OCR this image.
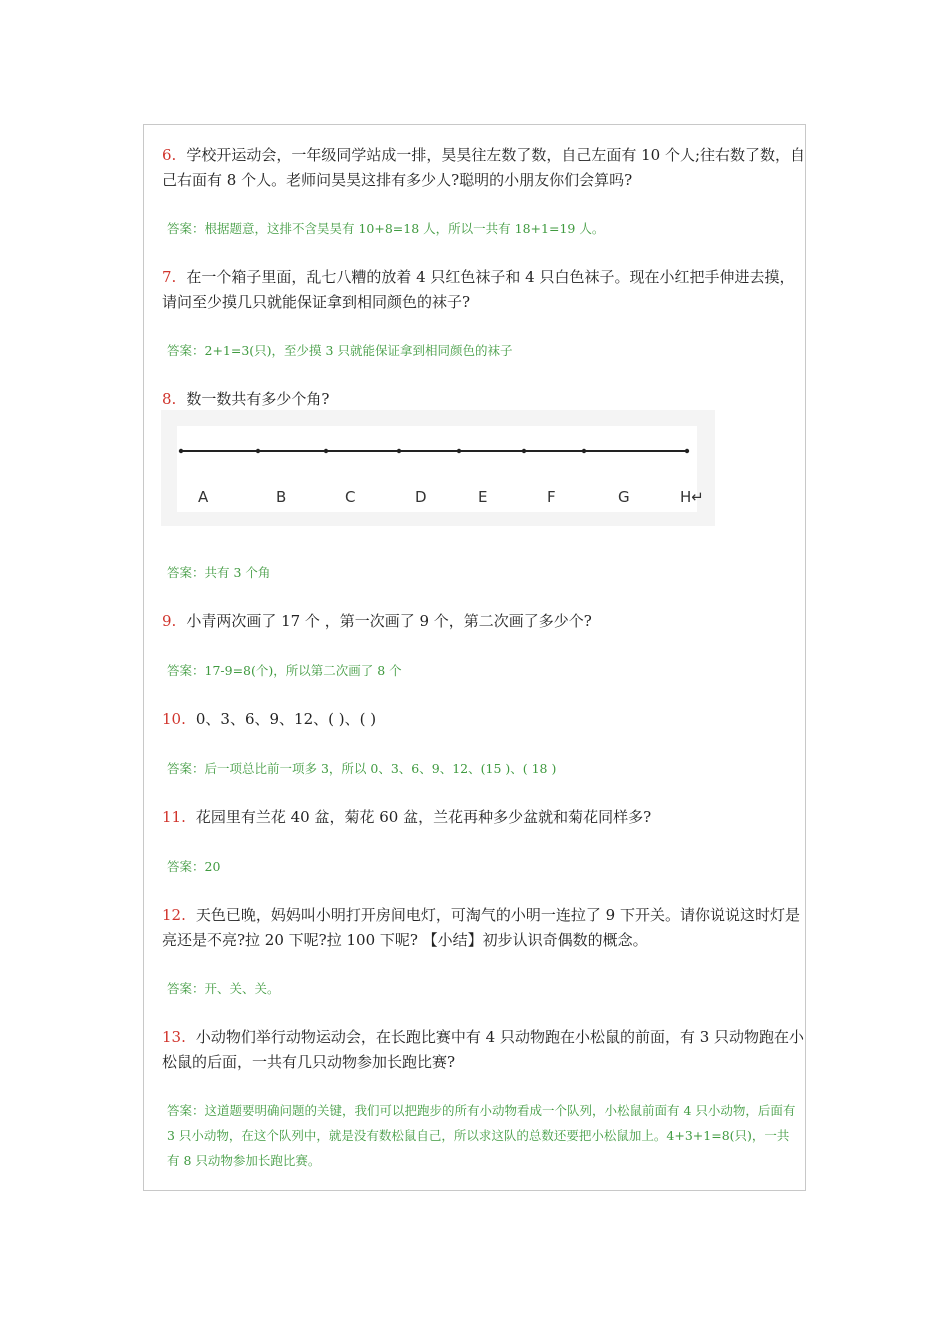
6. 学校开运动会，一年级同学站成一排，昊昊往左数了数，自己左面有 10 个人;往右数了数，自己右面有 8 个人。老师问昊昊这排有多少人?聪明的小朋友你们会算吗?

答案：根据题意，这排不含昊昊有 10+8=18 人，所以一共有 18+1=19 人。

7. 在一个箱子里面，乱七八糟的放着 4 只红色袜子和 4 只白色袜子。现在小红把手伸进去摸，请问至少摸几只就能保证拿到相同颜色的袜子?

答案：2+1=3(只)，至少摸 3 只就能保证拿到相同颜色的袜子

8. 数一数共有多少个角?

A	B	C	D	E	F	G	H↵

答案：共有 3 个角

9. 小青两次画了 17 个 ，第一次画了 9 个，第二次画了多少个?

答案：17-9=8(个)，所以第二次画了 8 个

10. 0、3、6、9、12、( )、( )

答案：后一项总比前一项多 3，所以 0、3、6、9、12、(15 )、( 18 )

11. 花园里有兰花 40 盆，菊花 60 盆，兰花再种多少盆就和菊花同样多?

答案：20

12. 天色已晚，妈妈叫小明打开房间电灯，可淘气的小明一连拉了 9 下开关。请你说说这时灯是亮还是不亮?拉 20 下呢?拉 100 下呢? 【小结】初步认识奇偶数的概念。

答案：开、关、关。

13. 小动物们举行动物运动会，在长跑比赛中有 4 只动物跑在小松鼠的前面，有 3 只动物跑在小松鼠的后面，一共有几只动物参加长跑比赛?

答案：这道题要明确问题的关键，我们可以把跑步的所有小动物看成一个队列，小松鼠前面有 4 只小动物，后面有 3 只小动物，在这个队列中，就是没有数松鼠自己，所以求这队的总数还要把小松鼠加上。4+3+1=8(只)，一共有 8 只动物参加长跑比赛。
